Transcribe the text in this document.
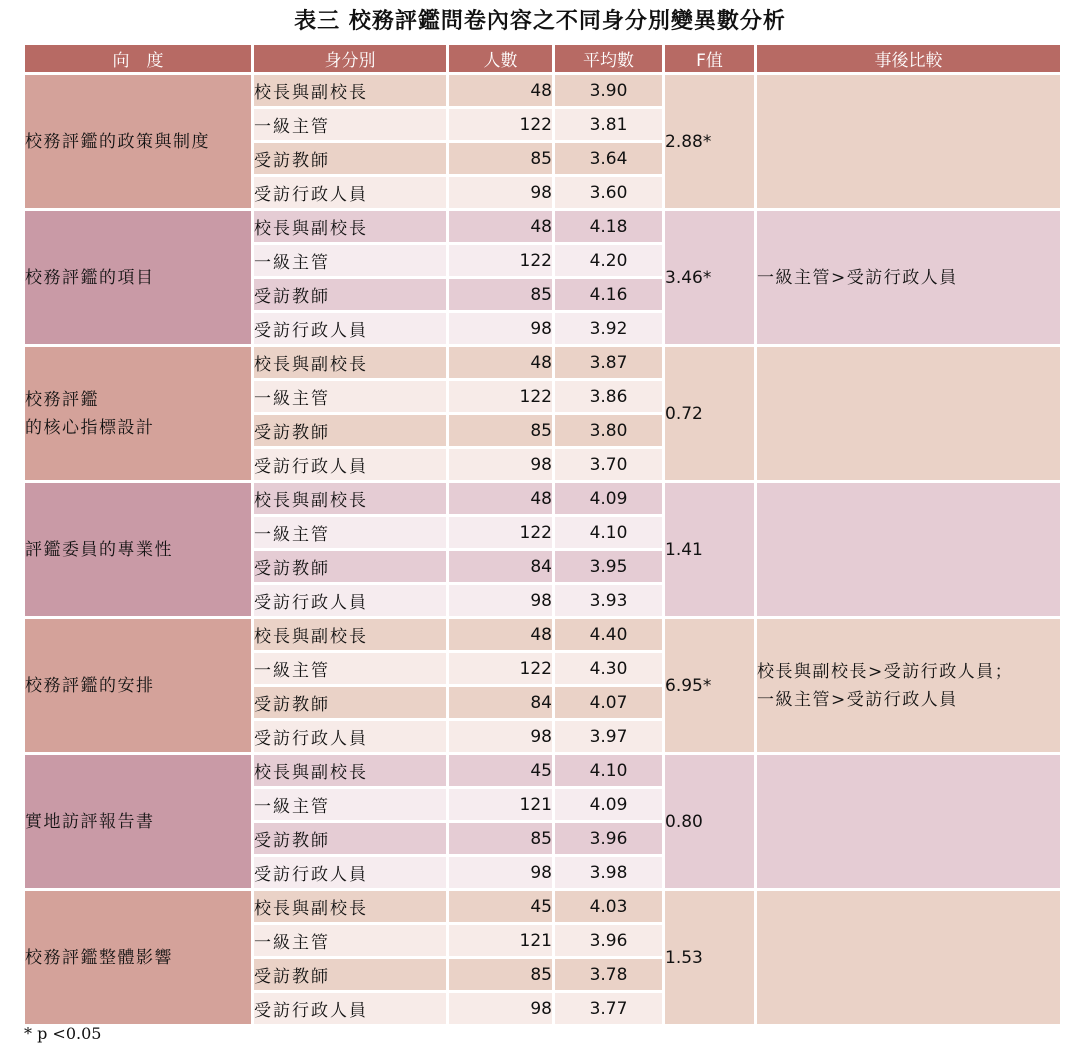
表三 校務評鑑問卷內容之不同身分別變異數分析
向　度	身分別	人數	平均數	F值	事後比較
校務評鑑的政策與制度	校長與副校長	48	3.90	2.88*	
	一級主管	122	3.81		
	受訪教師	85	3.64		
	受訪行政人員	98	3.60		
校務評鑑的項目	校長與副校長	48	4.18	3.46*	一級主管>受訪行政人員
	一級主管	122	4.20		
	受訪教師	85	4.16		
	受訪行政人員	98	3.92		
校務評鑑
的核心指標設計	校長與副校長	48	3.87	0.72	
	一級主管	122	3.86		
	受訪教師	85	3.80		
	受訪行政人員	98	3.70		
評鑑委員的專業性	校長與副校長	48	4.09	1.41	
	一級主管	122	4.10		
	受訪教師	84	3.95		
	受訪行政人員	98	3.93		
校務評鑑的安排	校長與副校長	48	4.40	6.95*	校長與副校長>受訪行政人員；
一級主管>受訪行政人員
	一級主管	122	4.30		
	受訪教師	84	4.07		
	受訪行政人員	98	3.97		
實地訪評報告書	校長與副校長	45	4.10	0.80	
	一級主管	121	4.09		
	受訪教師	85	3.96		
	受訪行政人員	98	3.98		
校務評鑑整體影響	校長與副校長	45	4.03	1.53	
	一級主管	121	3.96		
	受訪教師	85	3.78		
	受訪行政人員	98	3.77		
* p <0.05
